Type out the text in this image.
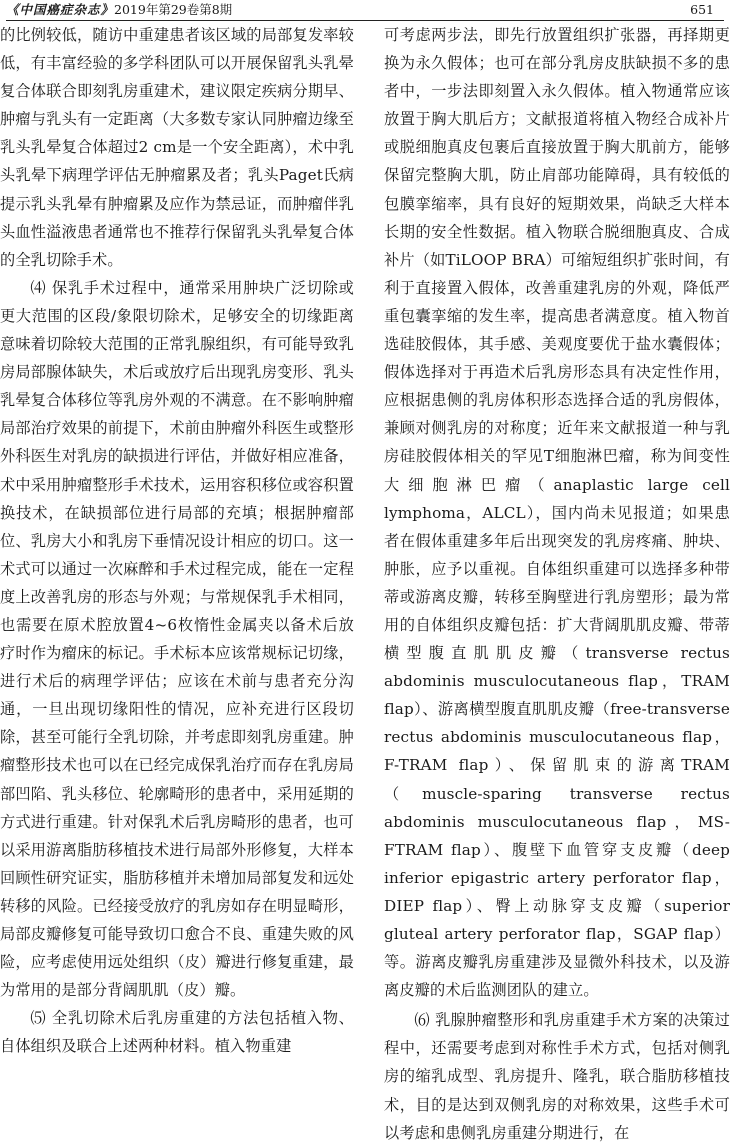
《中国癌症杂志》2019年第29卷第8期	651

的比例较低，随访中重建患者该区域的局部复发率较低，有丰富经验的多学科团队可以开展保留乳头乳晕复合体联合即刻乳房重建术，建议限定疾病分期早、肿瘤与乳头有一定距离（大多数专家认同肿瘤边缘至乳头乳晕复合体超过2 cm是一个安全距离），术中乳头乳晕下病理学评估无肿瘤累及者；乳头Paget氏病提示乳头乳晕有肿瘤累及应作为禁忌证，而肿瘤伴乳头血性溢液患者通常也不推荐行保留乳头乳晕复合体的全乳切除手术。

⑷ 保乳手术过程中，通常采用肿块广泛切除或更大范围的区段/象限切除术，足够安全的切缘距离意味着切除较大范围的正常乳腺组织，有可能导致乳房局部腺体缺失，术后或放疗后出现乳房变形、乳头乳晕复合体移位等乳房外观的不满意。在不影响肿瘤局部治疗效果的前提下，术前由肿瘤外科医生或整形外科医生对乳房的缺损进行评估，并做好相应准备，术中采用肿瘤整形手术技术，运用容积移位或容积置换技术，在缺损部位进行局部的充填；根据肿瘤部位、乳房大小和乳房下垂情况设计相应的切口。这一术式可以通过一次麻醉和手术过程完成，能在一定程度上改善乳房的形态与外观；与常规保乳手术相同，也需要在原术腔放置4~6枚惰性金属夹以备术后放疗时作为瘤床的标记。手术标本应该常规标记切缘，进行术后的病理学评估；应该在术前与患者充分沟通，一旦出现切缘阳性的情况，应补充进行区段切除，甚至可能行全乳切除，并考虑即刻乳房重建。肿瘤整形技术也可以在已经完成保乳治疗而存在乳房局部凹陷、乳头移位、轮廓畸形的患者中，采用延期的方式进行重建。针对保乳术后乳房畸形的患者，也可以采用游离脂肪移植技术进行局部外形修复，大样本回顾性研究证实，脂肪移植并未增加局部复发和远处转移的风险。已经接受放疗的乳房如存在明显畸形，局部皮瓣修复可能导致切口愈合不良、重建失败的风险，应考虑使用远处组织（皮）瓣进行修复重建，最为常用的是部分背阔肌肌（皮）瓣。

⑸ 全乳切除术后乳房重建的方法包括植入物、自体组织及联合上述两种材料。植入物重建

可考虑两步法，即先行放置组织扩张器，再择期更换为永久假体；也可在部分乳房皮肤缺损不多的患者中，一步法即刻置入永久假体。植入物通常应该放置于胸大肌后方；文献报道将植入物经合成补片或脱细胞真皮包裹后直接放置于胸大肌前方，能够保留完整胸大肌，防止肩部功能障碍，具有较低的包膜挛缩率，具有良好的短期效果，尚缺乏大样本长期的安全性数据。植入物联合脱细胞真皮、合成补片（如TiLOOP BRA）可缩短组织扩张时间，有利于直接置入假体，改善重建乳房的外观，降低严重包囊挛缩的发生率，提高患者满意度。植入物首选硅胶假体，其手感、美观度要优于盐水囊假体；假体选择对于再造术后乳房形态具有决定性作用，应根据患侧的乳房体积形态选择合适的乳房假体，兼顾对侧乳房的对称度；近年来文献报道一种与乳房硅胶假体相关的罕见T细胞淋巴瘤，称为间变性大细胞淋巴瘤（anaplastic large cell lymphoma，ALCL），国内尚未见报道；如果患者在假体重建多年后出现突发的乳房疼痛、肿块、肿胀，应予以重视。自体组织重建可以选择多种带蒂或游离皮瓣，转移至胸壁进行乳房塑形；最为常用的自体组织皮瓣包括：扩大背阔肌肌皮瓣、带蒂横型腹直肌肌皮瓣（transverse rectus abdominis musculocutaneous flap，TRAM flap）、游离横型腹直肌肌皮瓣（free-transverse rectus abdominis musculocutaneous flap，F-TRAM flap）、保留肌束的游离TRAM（muscle-sparing transverse rectus abdominis musculocutaneous flap，MS-FTRAM flap）、腹壁下血管穿支皮瓣（deep inferior epigastric artery perforator flap，DIEP flap）、臀上动脉穿支皮瓣（superior gluteal artery perforator flap，SGAP flap）等。游离皮瓣乳房重建涉及显微外科技术，以及游离皮瓣的术后监测团队的建立。

⑹ 乳腺肿瘤整形和乳房重建手术方案的决策过程中，还需要考虑到对称性手术方式，包括对侧乳房的缩乳成型、乳房提升、隆乳，联合脂肪移植技术，目的是达到双侧乳房的对称效果，这些手术可以考虑和患侧乳房重建分期进行，在
